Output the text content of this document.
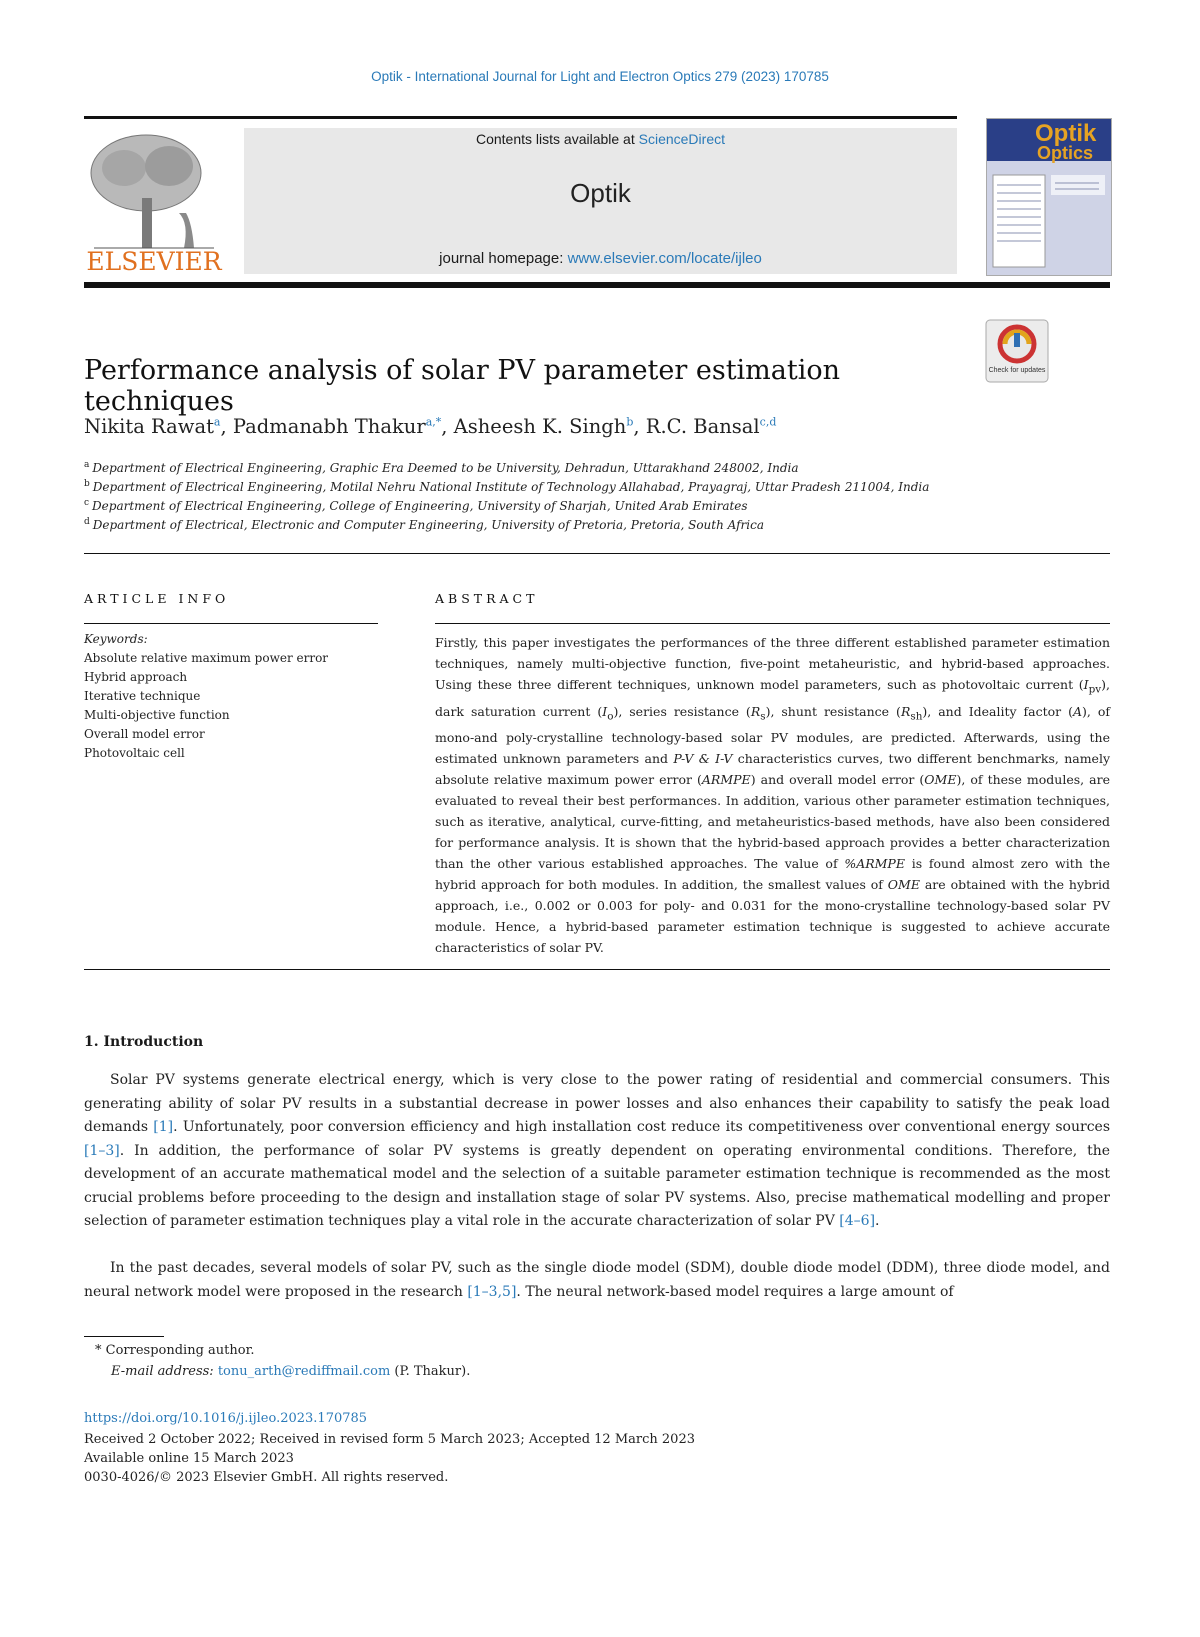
Optik - International Journal for Light and Electron Optics 279 (2023) 170785
ELSEVIER
Contents lists available at ScienceDirect
Optik
journal homepage: www.elsevier.com/locate/ijleo
Optik
Optics
Performance analysis of solar PV parameter estimation techniques
Check for updates
Nikita Rawat$^a$, Padmanabh Thakur$^{a,*}$, Asheesh K. Singh$^b$, R.C. Bansal$^{c,d}$
$^a$ Department of Electrical Engineering, Graphic Era Deemed to be University, Dehradun, Uttarakhand 248002, India
$^b$ Department of Electrical Engineering, Motilal Nehru National Institute of Technology Allahabad, Prayagraj, Uttar Pradesh 211004, India
$^c$ Department of Electrical Engineering, College of Engineering, University of Sharjah, United Arab Emirates
$^d$ Department of Electrical, Electronic and Computer Engineering, University of Pretoria, Pretoria, South Africa
ARTICLE INFO
Keywords:
Absolute relative maximum power error
Hybrid approach
Iterative technique
Multi-objective function
Overall model error
Photovoltaic cell
ABSTRACT
Firstly, this paper investigates the performances of the three different established parameter estimation techniques, namely multi-objective function, five-point metaheuristic, and hybrid-based approaches. Using these three different techniques, unknown model parameters, such as photovoltaic current $(I_{pv})$, dark saturation current $(I_o)$, series resistance $(R_s)$, shunt resistance $(R_{sh})$, and Ideality factor (A), of mono-and poly-crystalline technology-based solar PV modules, are predicted. Afterwards, using the estimated unknown parameters and P-V & I-V characteristics curves, two different benchmarks, namely absolute relative maximum power error (ARMPE) and overall model error (OME), of these modules, are evaluated to reveal their best performances. In addition, various other parameter estimation techniques, such as iterative, analytical, curve-fitting, and metaheuristics-based methods, have also been considered for performance analysis. It is shown that the hybrid-based approach provides a better characterization than the other various established approaches. The value of %ARMPE is found almost zero with the hybrid approach for both modules. In addition, the smallest values of OME are obtained with the hybrid approach, i.e., 0.002 or 0.003 for poly- and 0.031 for the mono-crystalline technology-based solar PV module. Hence, a hybrid-based parameter estimation technique is suggested to achieve accurate characteristics of solar PV.
1. Introduction
Solar PV systems generate electrical energy, which is very close to the power rating of residential and commercial consumers. This generating ability of solar PV results in a substantial decrease in power losses and also enhances their capability to satisfy the peak load demands [1]. Unfortunately, poor conversion efficiency and high installation cost reduce its competitiveness over conventional energy sources [1–3]. In addition, the performance of solar PV systems is greatly dependent on operating environmental conditions. Therefore, the development of an accurate mathematical model and the selection of a suitable parameter estimation technique is recommended as the most crucial problems before proceeding to the design and installation stage of solar PV systems. Also, precise mathematical modelling and proper selection of parameter estimation techniques play a vital role in the accurate characterization of solar PV [4–6].
In the past decades, several models of solar PV, such as the single diode model (SDM), double diode model (DDM), three diode model, and neural network model were proposed in the research [1–3,5]. The neural network-based model requires a large amount of
* Corresponding author.
E-mail address: tonu_arth@rediffmail.com (P. Thakur).
https://doi.org/10.1016/j.ijleo.2023.170785
Received 2 October 2022; Received in revised form 5 March 2023; Accepted 12 March 2023
Available online 15 March 2023
0030-4026/© 2023 Elsevier GmbH. All rights reserved.
